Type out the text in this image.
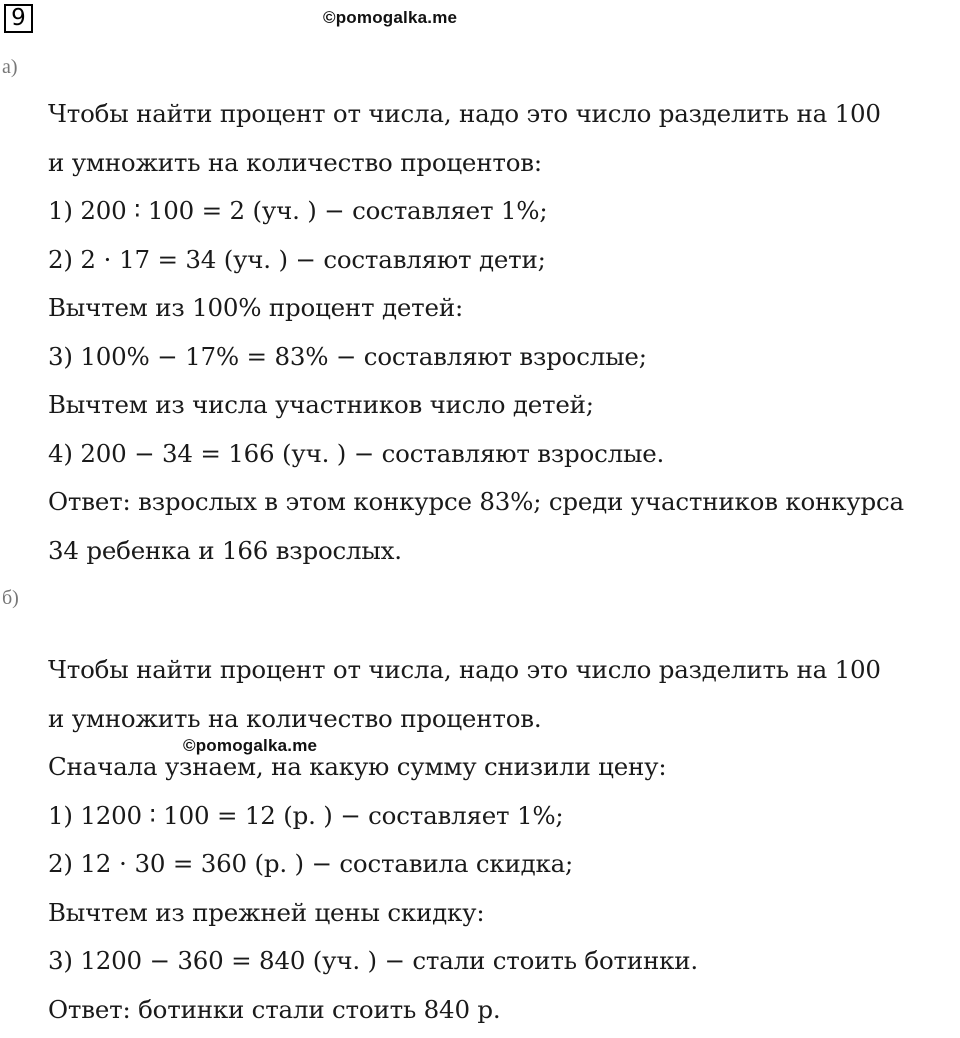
9	©pomogalka.me
а)
Чтобы найти процент от числа, надо это число разделить на 100
и умножить на количество процентов:
1) 200 ∶ 100 = 2 (уч. ) − составляет 1%;
2) 2 ⋅ 17 = 34 (уч. ) − составляют дети;
Вычтем из 100% процент детей:
3) 100% − 17% = 83% − составляют взрослые;
Вычтем из числа участников число детей;
4) 200 − 34 = 166 (уч. ) − составляют взрослые.
Ответ: взрослых в этом конкурсе 83%; среди участников конкурса
34 ребенка и 166 взрослых.
б)
Чтобы найти процент от числа, надо это число разделить на 100
и умножить на количество процентов.
Сначала узнаем, на какую сумму снизили цену:
1) 1200 ∶ 100 = 12 (р. ) − составляет 1%;
2) 12 ⋅ 30 = 360 (р. ) − составила скидка;
Вычтем из прежней цены скидку:
3) 1200 − 360 = 840 (уч. ) − стали стоить ботинки.
Ответ: ботинки стали стоить 840 р.
©pomogalka.me
